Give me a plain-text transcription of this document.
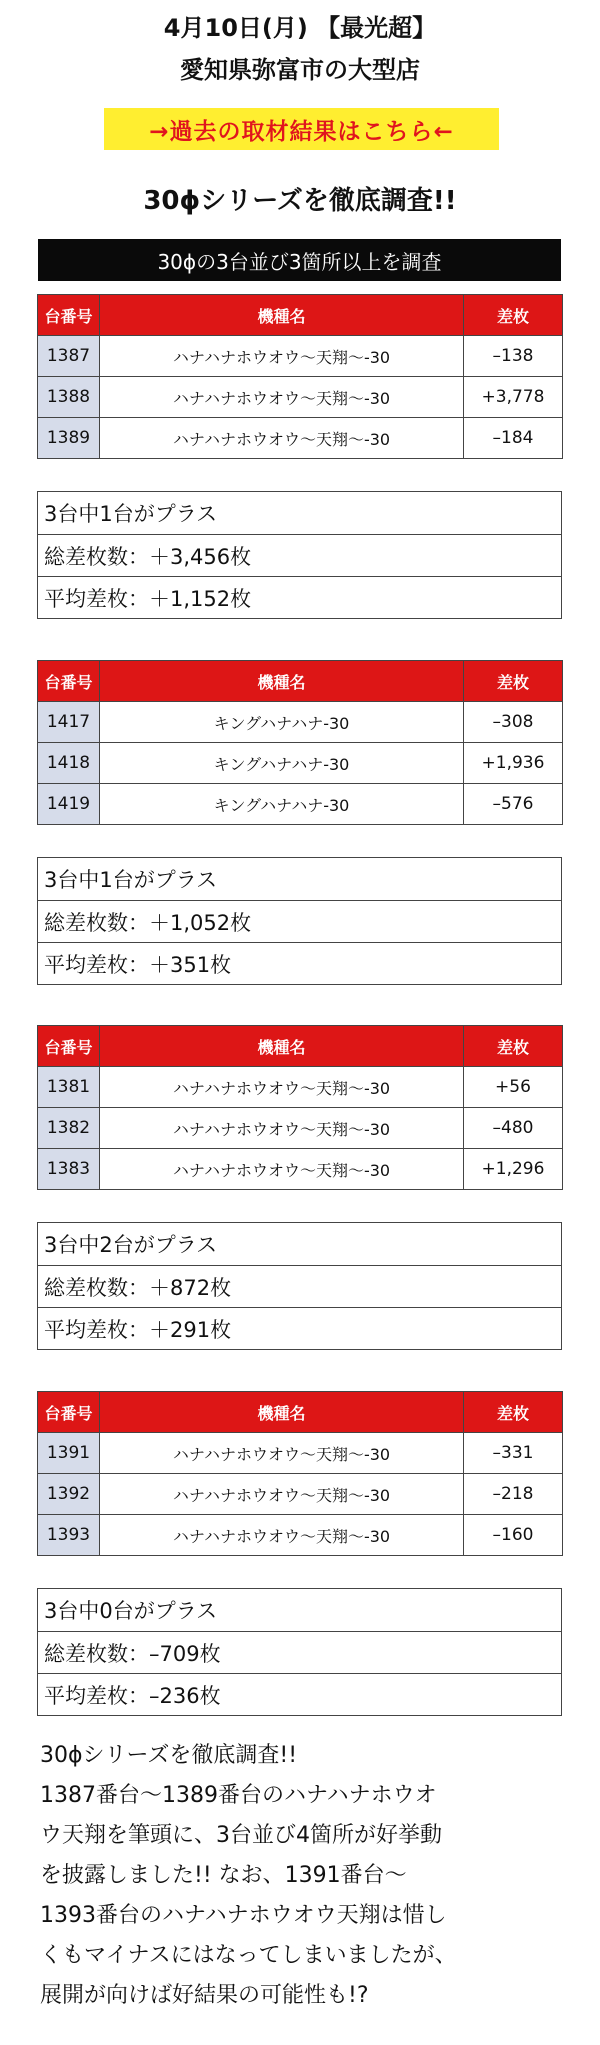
4月10日(月) 【最光超】
愛知県弥富市の大型店
→過去の取材結果はこちら←
30ϕシリーズを徹底調査!!
30ϕの3台並び3箇所以上を調査
台番号	機種名	差枚
1387	ハナハナホウオウ〜天翔〜-30	–138
1388	ハナハナホウオウ〜天翔〜-30	+3,778
1389	ハナハナホウオウ〜天翔〜-30	–184
3台中1台がプラス
総差枚数：＋3,456枚
平均差枚：＋1,152枚
台番号	機種名	差枚
1417	キングハナハナ-30	–308
1418	キングハナハナ-30	+1,936
1419	キングハナハナ-30	–576
3台中1台がプラス
総差枚数：＋1,052枚
平均差枚：＋351枚
台番号	機種名	差枚
1381	ハナハナホウオウ〜天翔〜-30	+56
1382	ハナハナホウオウ〜天翔〜-30	–480
1383	ハナハナホウオウ〜天翔〜-30	+1,296
3台中2台がプラス
総差枚数：＋872枚
平均差枚：＋291枚
台番号	機種名	差枚
1391	ハナハナホウオウ〜天翔〜-30	–331
1392	ハナハナホウオウ〜天翔〜-30	–218
1393	ハナハナホウオウ〜天翔〜-30	–160
3台中0台がプラス
総差枚数：–709枚
平均差枚：–236枚
30ϕシリーズを徹底調査!!
1387番台〜1389番台のハナハナホウオ
ウ天翔を筆頭に、3台並び4箇所が好挙動
を披露しました!! なお、1391番台〜
1393番台のハナハナホウオウ天翔は惜し
くもマイナスにはなってしまいましたが、
展開が向けば好結果の可能性も!?
